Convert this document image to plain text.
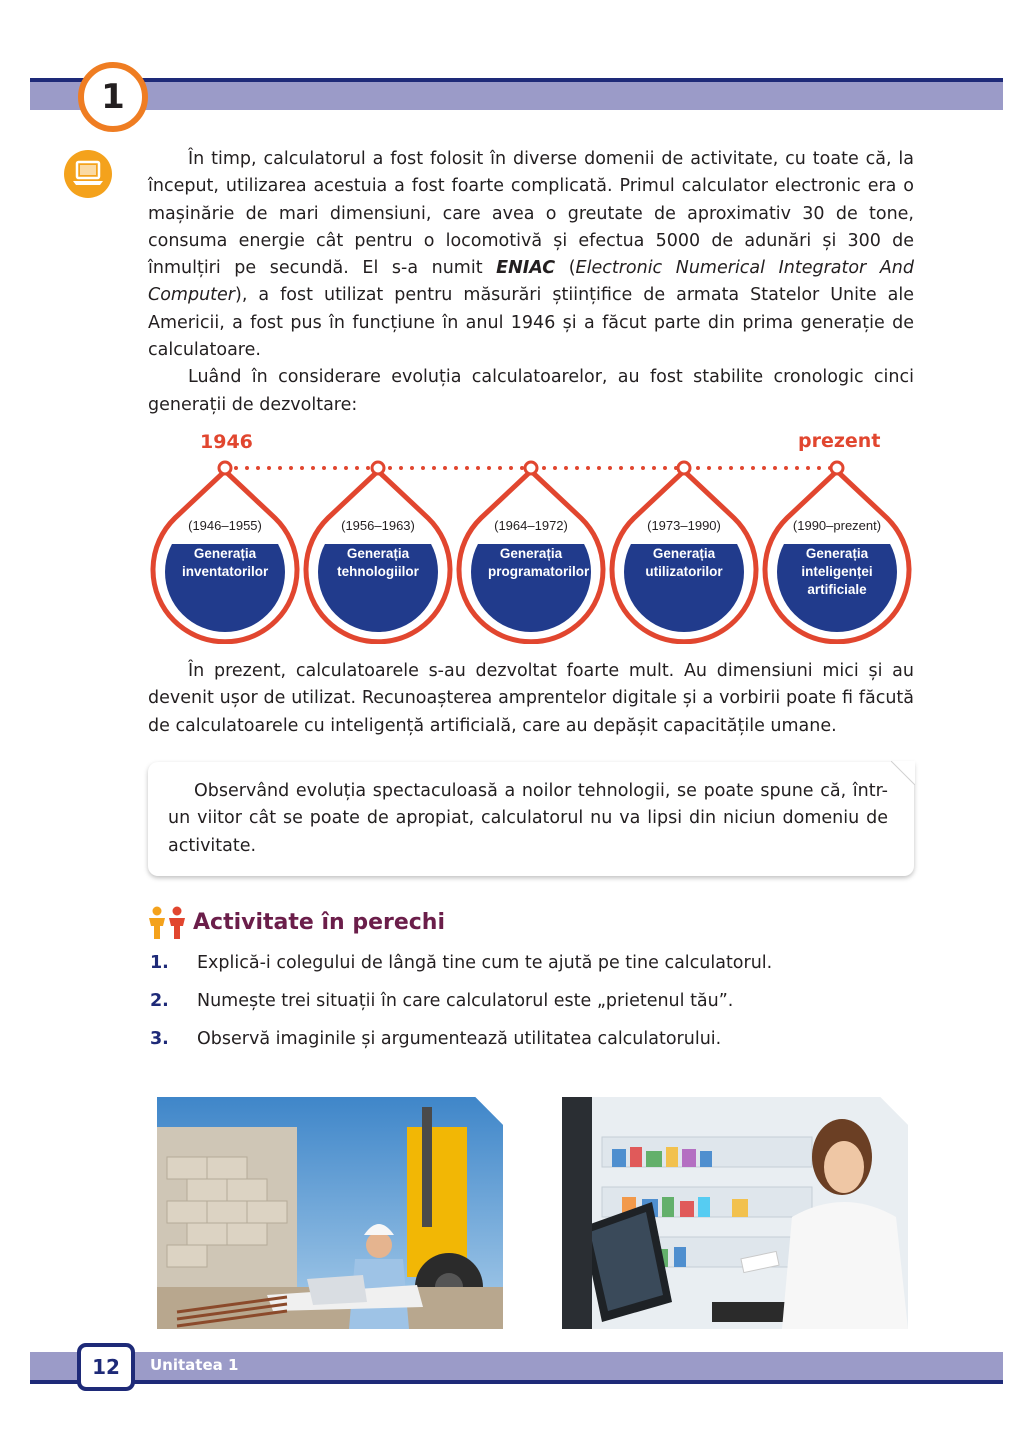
1

În timp, calculatorul a fost folosit în diverse domenii de activitate, cu toate că, la început, utilizarea acestuia a fost foarte complicată. Primul calculator electronic era o mașinărie de mari dimensiuni, care avea o greutate de aproximativ 30 de tone, consuma energie cât pentru o locomotivă și efectua 5000 de adunări și 300 de înmulțiri pe secundă. El s-a numit ENIAC (Electronic Numerical Integrator And Computer), a fost utilizat pentru măsurări științifice de armata Statelor Unite ale Americii, a fost pus în funcțiune în anul 1946 și a făcut parte din prima generație de calculatoare.

Luând în considerare evoluția calculatoarelor, au fost stabilite cronologic cinci generații de dezvoltare:

1946	prezent
(1946–1955)
Generația inventatorilor
(1956–1963)
Generația tehnologiilor
(1964–1972)
Generația programatorilor
(1973–1990)
Generația utilizatorilor
(1990–prezent)
Generația inteligenței artificiale

În prezent, calculatoarele s-au dezvoltat foarte mult. Au dimensiuni mici și au devenit ușor de utilizat. Recunoașterea amprentelor digitale și a vorbirii poate fi făcută de calculatoarele cu inteligență artificială, care au depășit capacitățile umane.

Observând evoluția spectaculoasă a noilor tehnologii, se poate spune că, într-un viitor cât se poate de apropiat, calculatorul nu va lipsi din niciun domeniu de activitate.

Activitate în perechi
1. Explică-i colegului de lângă tine cum te ajută pe tine calculatorul.
2. Numește trei situații în care calculatorul este „prietenul tău”.
3. Observă imaginile și argumentează utilitatea calculatorului.
12	Unitatea 1
